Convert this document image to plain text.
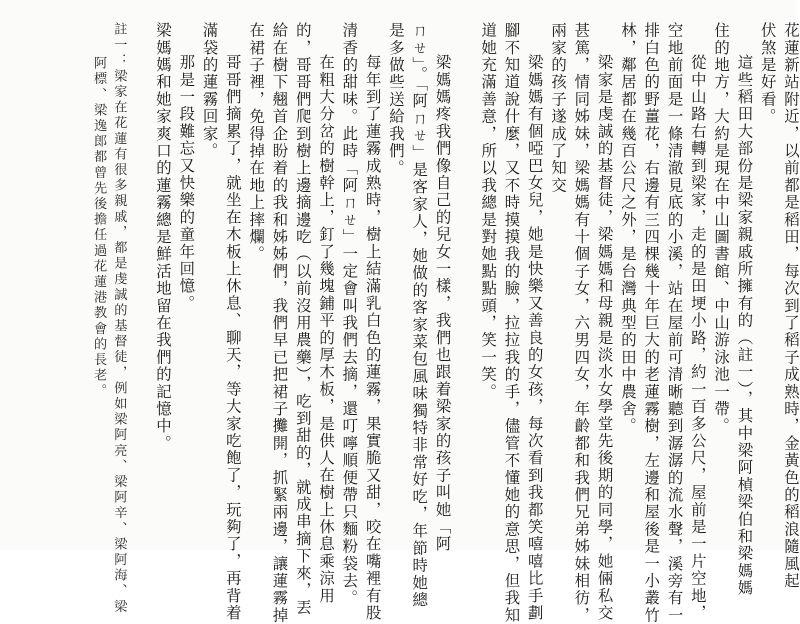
花蓮新站附近，以前都是稻田，每次到了稻子成熟時，金黃色的稻浪隨風起
伏煞是好看。
這些稻田大部份是梁家親戚所擁有的（註一），其中梁阿楨梁伯和梁媽媽
住的地方，大約是現在中山圖書館、中山游泳池一帶。
從中山路右轉到梁家，走的是田埂小路，約一百多公尺，屋前是一片空地，
空地前面是一條清澈見底的小溪，站在屋前可清晰聽到潺潺的流水聲，溪旁有一
排白色的野薑花，右邊有三四棵幾十年巨大的老蓮霧樹，左邊和屋後是一小叢竹
林，鄰居都在幾百公尺之外，是台灣典型的田中農舍。
梁家是虔誠的基督徒，梁媽媽和母親是淡水女學堂先後期的同學，她倆私交
甚篤，情同姊妹，梁媽媽有十個子女，六男四女，年齡都和我們兄弟姊妹相彷，
兩家的孩子遂成了知交
梁媽媽有個啞巴女兒，她是快樂又善良的女孩，每次看到我都笑嘻嘻比手劃
腳不知道說什麼，又不時摸摸我的臉，拉拉我的手，儘管不懂她的意思，但我知
道她充滿善意，所以我總是對她點點頭，笑一笑。
梁媽媽疼我們像自己的兒女一樣，我們也跟着梁家的孩子叫她「阿
ㄇㄝ」。「阿ㄇㄝ」是客家人，她做的客家菜包風味獨特非常好吃，年節時她總
是多做些送給我們。
每年到了蓮霧成熟時，樹上結滿乳白色的蓮霧，果實脆又甜，咬在嘴裡有股
清香的甜味。此時「阿ㄇㄝ」一定會叫我們去摘，還叮嚀順便帶只麵粉袋去。
在粗大分岔的樹幹上，釘了幾塊鋪平的厚木板，是供人在樹上休息乘涼用
的，哥哥們爬到樹上邊摘邊吃（以前沒用農藥），吃到甜的，就成串摘下來，丟
給在樹下翹首企盼着的我和姊姊們，我們早已把裙子攤開，抓緊兩邊，讓蓮霧掉
在裙子裡，免得掉在地上摔爛。
哥哥們摘累了，就坐在木板上休息、聊天，等大家吃飽了，玩夠了，再背着
滿袋的蓮霧回家。
那是一段難忘又快樂的童年回憶。
梁媽媽和她家爽口的蓮霧總是鮮活地留在我們的記憶中。
註一：梁家在花蓮有很多親戚，都是虔誠的基督徒，例如梁阿亮、梁阿辛、梁阿海、梁
阿標、梁逸郎都曾先後擔任過花蓮港教會的長老。
